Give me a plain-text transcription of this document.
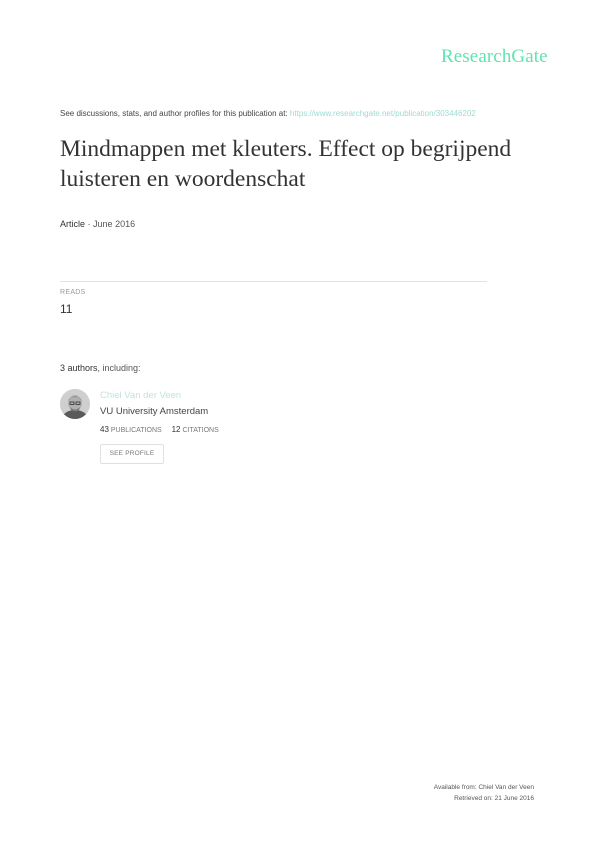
ResearchGate
See discussions, stats, and author profiles for this publication at: https://www.researchgate.net/publication/303446202
Mindmappen met kleuters. Effect op begrijpend luisteren en woordenschat
Article · June 2016
READS
11
3 authors, including:
Chiel Van der Veen
VU University Amsterdam
43 PUBLICATIONS 12 CITATIONS
SEE PROFILE
Available from: Chiel Van der Veen
Retrieved on: 21 June 2016
